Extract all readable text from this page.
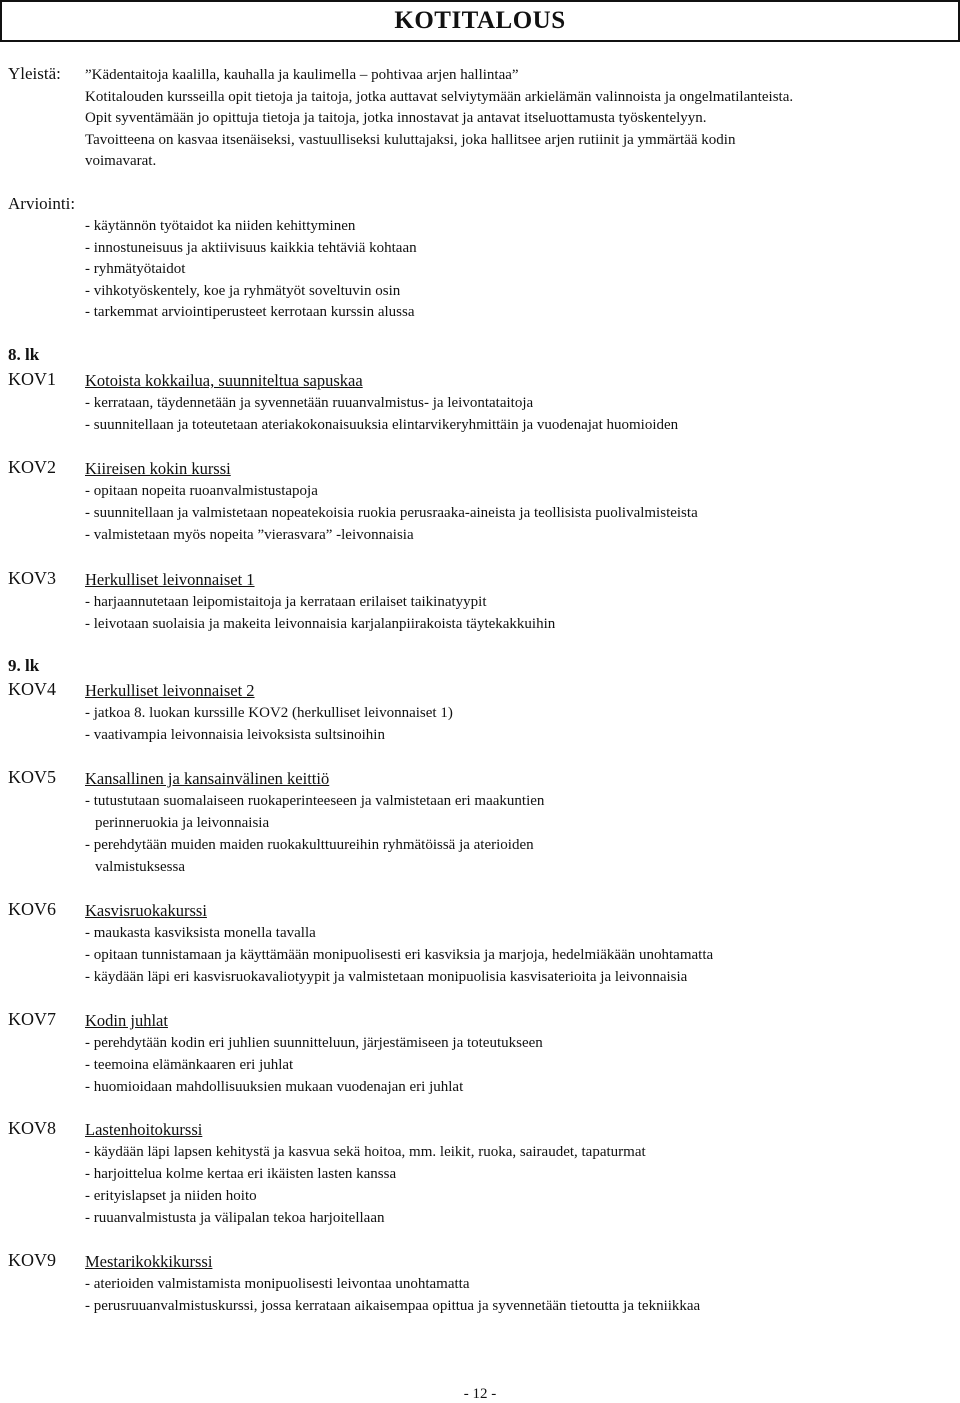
KOTITALOUS
Yleistä: ”Kädentaitoja kaalilla, kauhalla ja kaulimella – pohtivaa arjen hallintaa”
Kotitalouden kursseilla opit tietoja ja taitoja, jotka auttavat selviytymään arkielämän valinnoista ja ongelmatilanteista.
Opit syventämään jo opittuja tietoja ja taitoja, jotka innostavat ja antavat itseluottamusta työskentelyyn.
Tavoitteena on kasvaa itsenäiseksi, vastuulliseksi kuluttajaksi, joka hallitsee arjen rutiinit ja ymmärtää kodin
voimavarat.
Arviointi:
- käytännön työtaidot ka niiden kehittyminen
- innostuneisuus ja aktiivisuus kaikkia tehtäviä kohtaan
- ryhmätyötaidot
- vihkotyöskentely, koe ja ryhmätyöt soveltuvin osin
- tarkemmat arviointiperusteet kerrotaan kurssin alussa
8. lk
KOV1 Kotoista kokkailua, suunniteltua sapuskaa
- kerrataan, täydennetään ja syvennetään ruuanvalmistus- ja leivontataitoja
- suunnitellaan ja toteutetaan ateriakokonaisuuksia elintarvikeryhmittäin ja vuodenajat huomioiden
KOV2 Kiireisen kokin kurssi
- opitaan nopeita ruoanvalmistustapoja
- suunnitellaan ja valmistetaan nopeatekoisia ruokia perusraaka-aineista ja teollisista puolivalmisteista
- valmistetaan myös nopeita ”vierasvara” -leivonnaisia
KOV3 Herkulliset leivonnaiset 1
- harjaannutetaan leipomistaitoja ja kerrataan erilaiset taikinatyypit
- leivotaan suolaisia ja makeita leivonnaisia karjalanpiirakoista täytekakkuihin
9. lk
KOV4 Herkulliset leivonnaiset 2
- jatkoa 8. luokan kurssille KOV2 (herkulliset leivonnaiset 1)
- vaativampia leivonnaisia leivoksista sultsinoihin
KOV5 Kansallinen ja kansainvälinen keittiö
- tutustutaan suomalaiseen ruokaperinteeseen ja valmistetaan eri maakuntien
perinneruokia ja leivonnaisia
- perehdytään muiden maiden ruokakulttuureihin ryhmätöissä ja aterioiden
valmistuksessa
KOV6 Kasvisruokakurssi
- maukasta kasviksista monella tavalla
- opitaan tunnistamaan ja käyttämään monipuolisesti eri kasviksia ja marjoja, hedelmiäkään unohtamatta
- käydään läpi eri kasvisruokavaliotyypit ja valmistetaan monipuolisia kasvisaterioita ja leivonnaisia
KOV7 Kodin juhlat
- perehdytään kodin eri juhlien suunnitteluun, järjestämiseen ja toteutukseen
- teemoina elämänkaaren eri juhlat
- huomioidaan mahdollisuuksien mukaan vuodenajan eri juhlat
KOV8 Lastenhoitokurssi
- käydään läpi lapsen kehitystä ja kasvua sekä hoitoa, mm. leikit, ruoka, sairaudet, tapaturmat
- harjoittelua kolme kertaa eri ikäisten lasten kanssa
- erityislapset ja niiden hoito
- ruuanvalmistusta ja välipalan tekoa harjoitellaan
KOV9 Mestarikokkikurssi
- aterioiden valmistamista monipuolisesti leivontaa unohtamatta
- perusruuanvalmistuskurssi, jossa kerrataan aikaisempaa opittua ja syvennetään tietoutta ja tekniikkaa
- 12 -
